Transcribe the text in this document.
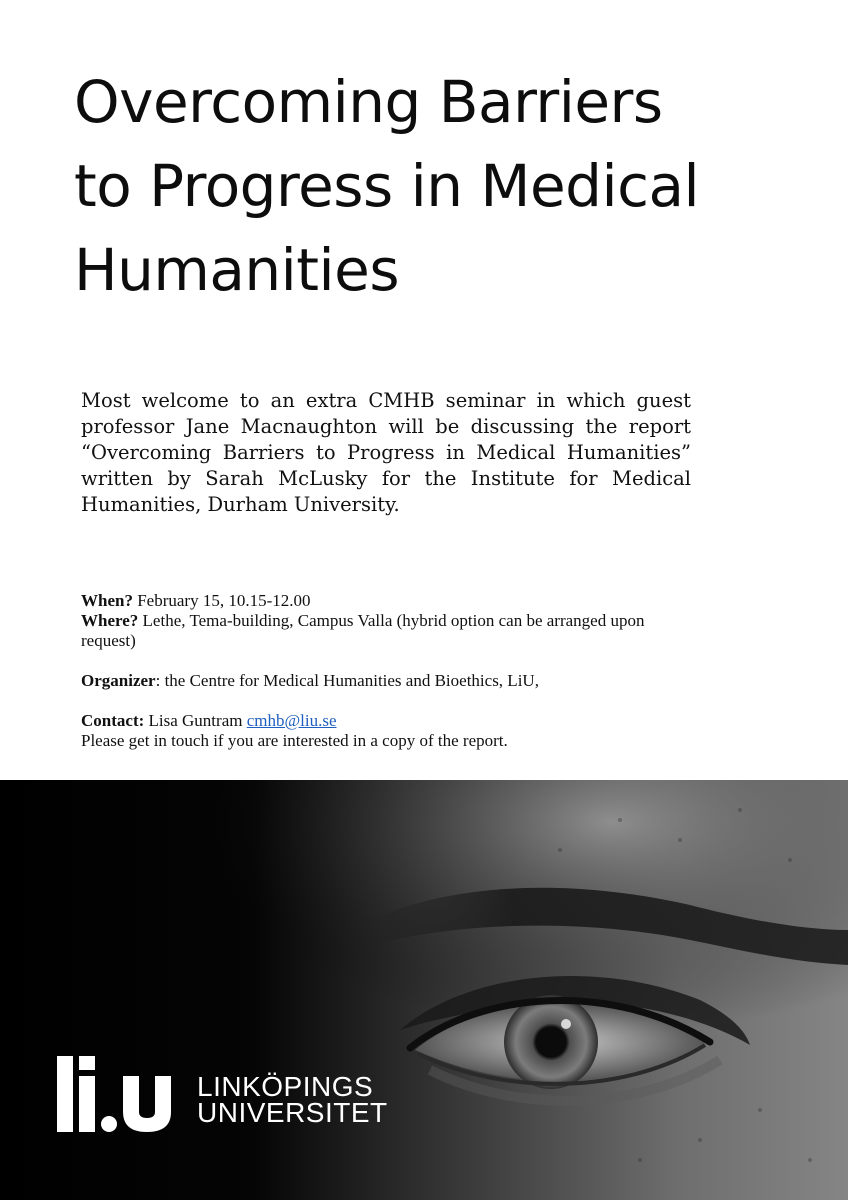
Overcoming Barriers
to Progress in Medical
Humanities

Most welcome to an extra CMHB seminar in which guest professor Jane Macnaughton will be discussing the report “Overcoming Barriers to Progress in Medical Humanities” written by Sarah McLusky for the Institute for Medical Humanities, Durham University.

When? February 15, 10.15-12.00
Where? Lethe, Tema-building, Campus Valla (hybrid option can be arranged upon request)
Organizer: the Centre for Medical Humanities and Bioethics, LiU,
Contact: Lisa Guntram cmhb@liu.se
Please get in touch if you are interested in a copy of the report.
LINKÖPINGS
UNIVERSITET
